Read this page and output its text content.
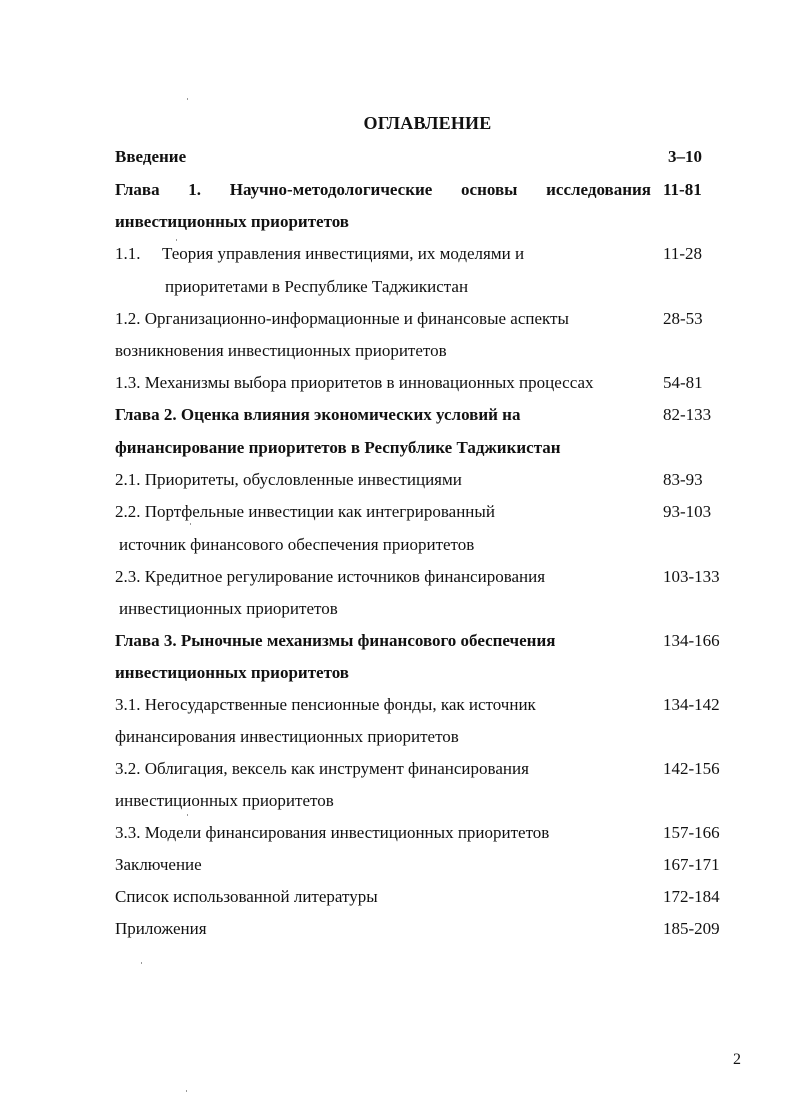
ОГЛАВЛЕНИЕ
Введение	3–10
Глава 1. Научно-методологические основы исследования 11-81
инвестиционных приоритетов
1.1. Теория управления инвестициями, их моделями и	11-28
приоритетами в Республике Таджикистан
1.2. Организационно-информационные и финансовые аспекты	28-53
возникновения инвестиционных приоритетов
1.3. Механизмы выбора приоритетов в инновационных процессах	54-81
Глава 2. Оценка влияния экономических условий на	82-133
финансирование приоритетов в Республике Таджикистан
2.1. Приоритеты, обусловленные инвестициями	83-93
2.2. Портфельные инвестиции как интегрированный	93-103
источник финансового обеспечения приоритетов
2.3. Кредитное регулирование источников финансирования	103-133
инвестиционных приоритетов
Глава 3. Рыночные механизмы финансового обеспечения	134-166
инвестиционных приоритетов
3.1. Негосударственные пенсионные фонды, как источник	134-142
финансирования инвестиционных приоритетов
3.2. Облигация, вексель как инструмент финансирования	142-156
инвестиционных приоритетов
3.3. Модели финансирования инвестиционных приоритетов	157-166
Заключение	167-171
Список использованной литературы	172-184
Приложения	185-209
2
